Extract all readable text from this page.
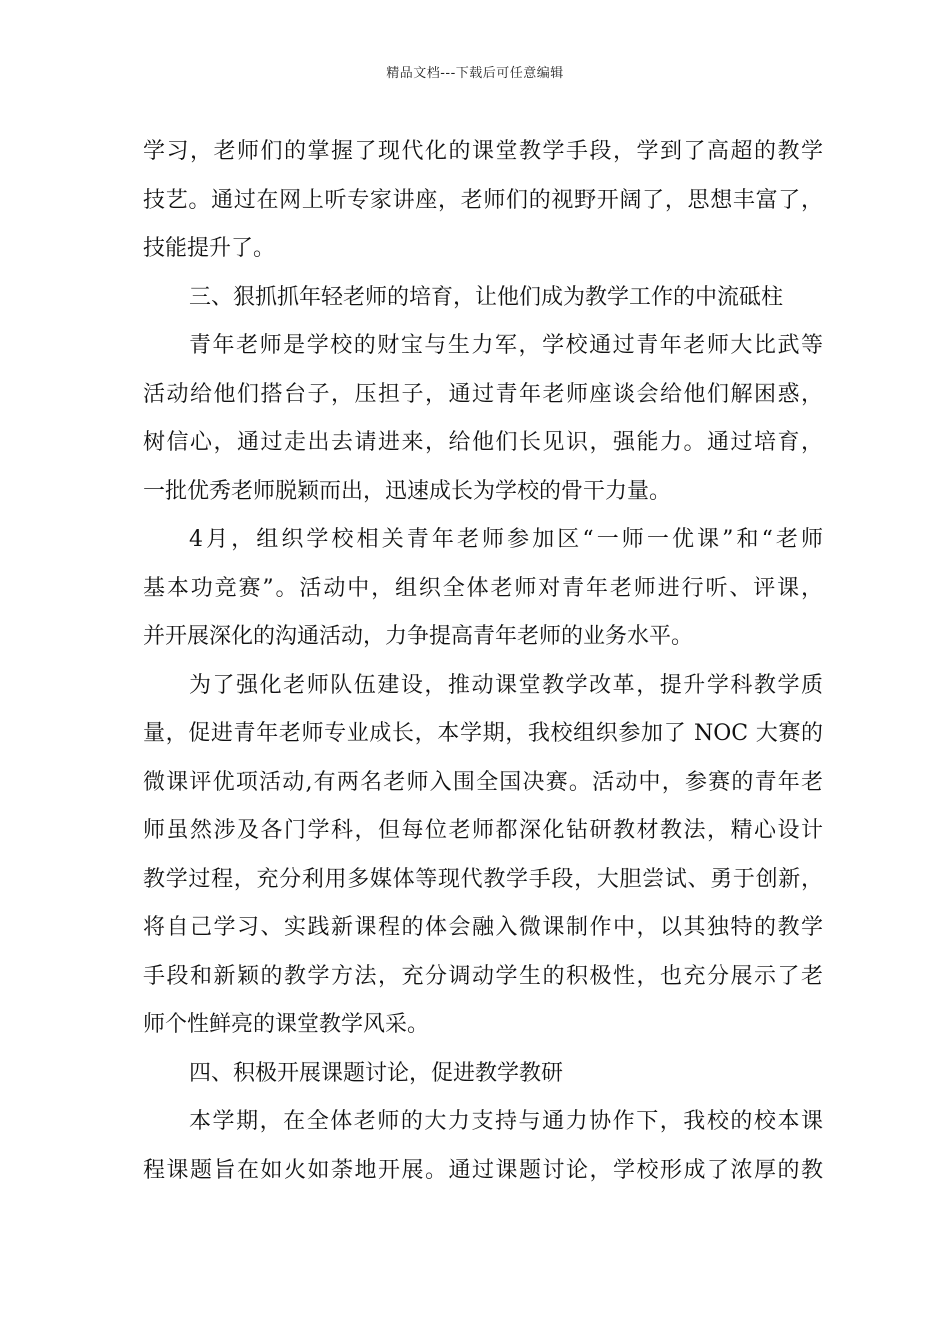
精品文档---下载后可任意编辑
学习，老师们的掌握了现代化的课堂教学手段，学到了高超的教学
技艺。通过在网上听专家讲座，老师们的视野开阔了，思想丰富了，
技能提升了。
三、狠抓抓年轻老师的培育，让他们成为教学工作的中流砥柱
青年老师是学校的财宝与生力军，学校通过青年老师大比武等
活动给他们搭台子，压担子，通过青年老师座谈会给他们解困惑，
树信心，通过走出去请进来，给他们长见识，强能力。通过培育，
一批优秀老师脱颖而出，迅速成长为学校的骨干力量。
4月，组织学校相关青年老师参加区“一师一优课”和“老师
基本功竞赛”。活动中，组织全体老师对青年老师进行听、评课，
并开展深化的沟通活动，力争提高青年老师的业务水平。
为了强化老师队伍建设，推动课堂教学改革，提升学科教学质
量，促进青年老师专业成长，本学期，我校组织参加了 NOC 大赛的
微课评优项活动,有两名老师入围全国决赛。活动中，参赛的青年老
师虽然涉及各门学科，但每位老师都深化钻研教材教法，精心设计
教学过程，充分利用多媒体等现代教学手段，大胆尝试、勇于创新，
将自己学习、实践新课程的体会融入微课制作中，以其独特的教学
手段和新颖的教学方法，充分调动学生的积极性，也充分展示了老
师个性鲜亮的课堂教学风采。
四、积极开展课题讨论，促进教学教研
本学期，在全体老师的大力支持与通力协作下，我校的校本课
程课题旨在如火如荼地开展。通过课题讨论，学校形成了浓厚的教
